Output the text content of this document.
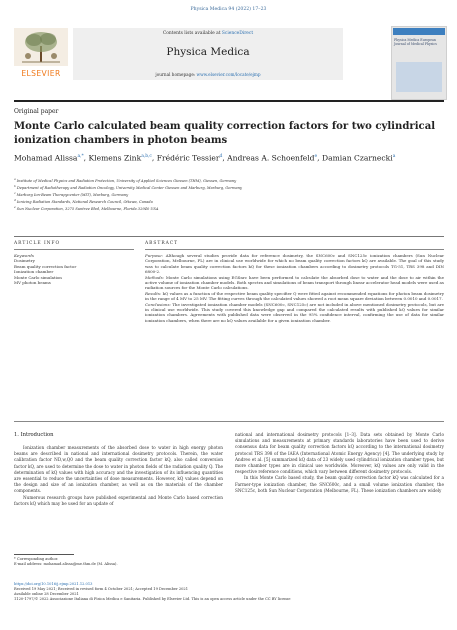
Physica Medica 94 (2022) 17–23
Contents lists available at ScienceDirect
Physica Medica
journal homepage: www.elsevier.com/locate/ejmp
ELSEVIER
Physica Medica European Journal of Medical Physics
Original paper
Monte Carlo calculated beam quality correction factors for two cylindrical ionization chambers in photon beams
Mohamad Alissa$^{a,*}$, Klemens Zink$^{a,b,c}$, Frédéric Tessier$^d$, Andreas A. Schoenfeld$^e$, Damian Czarnecki$^a$
$^a$ Institute of Medical Physics and Radiation Protection, University of Applied Sciences Giessen (THM), Giessen, Germany
$^b$ Department of Radiotherapy and Radiation Oncology, University Medical Center Giessen and Marburg, Marburg, Germany
$^c$ Marburg Ion-Beam Therapycenter (MIT), Marburg, Germany
$^d$ Ionizing Radiation Standards, National Research Council, Ottawa, Canada
$^e$ Sun Nuclear Corporation, 3275 Suntree Blvd, Melbourne, Florida 32940 USA
ARTICLE INFO	ABSTRACT
Keywords
Dosimetry
Beam quality correction factor
Ionization chamber
Monte Carlo simulation
MV photon beams
Purpose: Although several studies provide data for reference dosimetry, the SNC600c and SNC125c ionization chambers (Sun Nuclear Corporation, Melbourne, FL) are in clinical use worldwide for which no beam quality correction factors kQ are available. The goal of this study was to calculate beam quality correction factors kQ for these ionization chambers according to dosimetry protocols TG-51, TRS 398 and DIN 6800-2.
Methods: Monte Carlo simulations using EGSnrc have been performed to calculate the absorbed dose to water and the dose to air within the active volume of ionization chamber models. Both spectra and simulations of beam transport through linear accelerator head models were used as radiation sources for the Monte Carlo calculations.
Results: kQ values as a function of the respective beam quality specifier Q were fitted against recommended equations for photon beam dosimetry in the range of 4 MV to 25 MV. The fitting curves through the calculated values showed a root mean square deviation between 0.0010 and 0.0017.
Conclusions: The investigated ionization chamber models (SNC600c, SNC125c) are not included in above mentioned dosimetry protocols, but are in clinical use worldwide. This study covered this knowledge gap and compared the calculated results with published kQ values for similar ionization chambers. Agreements with published data were observed in the 95% confidence interval, confirming the use of data for similar ionization chambers, when there are no kQ values available for a given ionization chamber.
1. Introduction
Ionization chamber measurements of the absorbed dose to water in high energy photon beams are described in national and international dosimetry protocols. Therein, the water calibration factor ND,w,Q0 and the beam quality correction factor kQ, also called conversion factor kQ, are used to determine the dose to water in photon fields of the radiation quality Q. The determination of kQ values with high accuracy and the investigation of its influencing quantities are essential to reduce the uncertainties of dose measurements. However, kQ values depend on the design and size of an ionization chamber, as well as on the materials of the chamber components.
Numerous research groups have published experimental and Monte Carlo based correction factors kQ which may be used for an update of
national and international dosimetry protocols [1–3]. Data sets obtained by Monte Carlo simulations and measurements at primary standards laboratories have been used to derive consensus data for beam quality correction factors kQ according to the international dosimetry protocol TRS 398 of the IAEA (International Atomic Energy Agency) [4]. The underlying study by Andreo et al. [5] summarized kQ data of 23 widely used cylindrical ionization chamber types, but more chamber types are in clinical use worldwide. Moreover, kQ values are only valid in the respective reference conditions, which vary between different dosimetry protocols.
In this Monte Carlo based study, the beam quality correction factor kQ was calculated for a Farmer-type ionization chamber, the SNC600c, and a small volume ionization chamber, the SNC125c, both Sun Nuclear Corporation (Melbourne, FL). These ionization chambers are widely
* Corresponding author.
E-mail address: mohamad.alissa@me.thm.de (M. Alissa).
https://doi.org/10.1016/j.ejmp.2021.12.013
Received 19 May 2021; Received in revised form 4 October 2021; Accepted 19 December 2021
Available online 28 December 2021
1120-1797/© 2022 Associazione Italiana di Fisica Medica e Sanitaria. Published by Elsevier Ltd. This is an open access article under the CC BY license
